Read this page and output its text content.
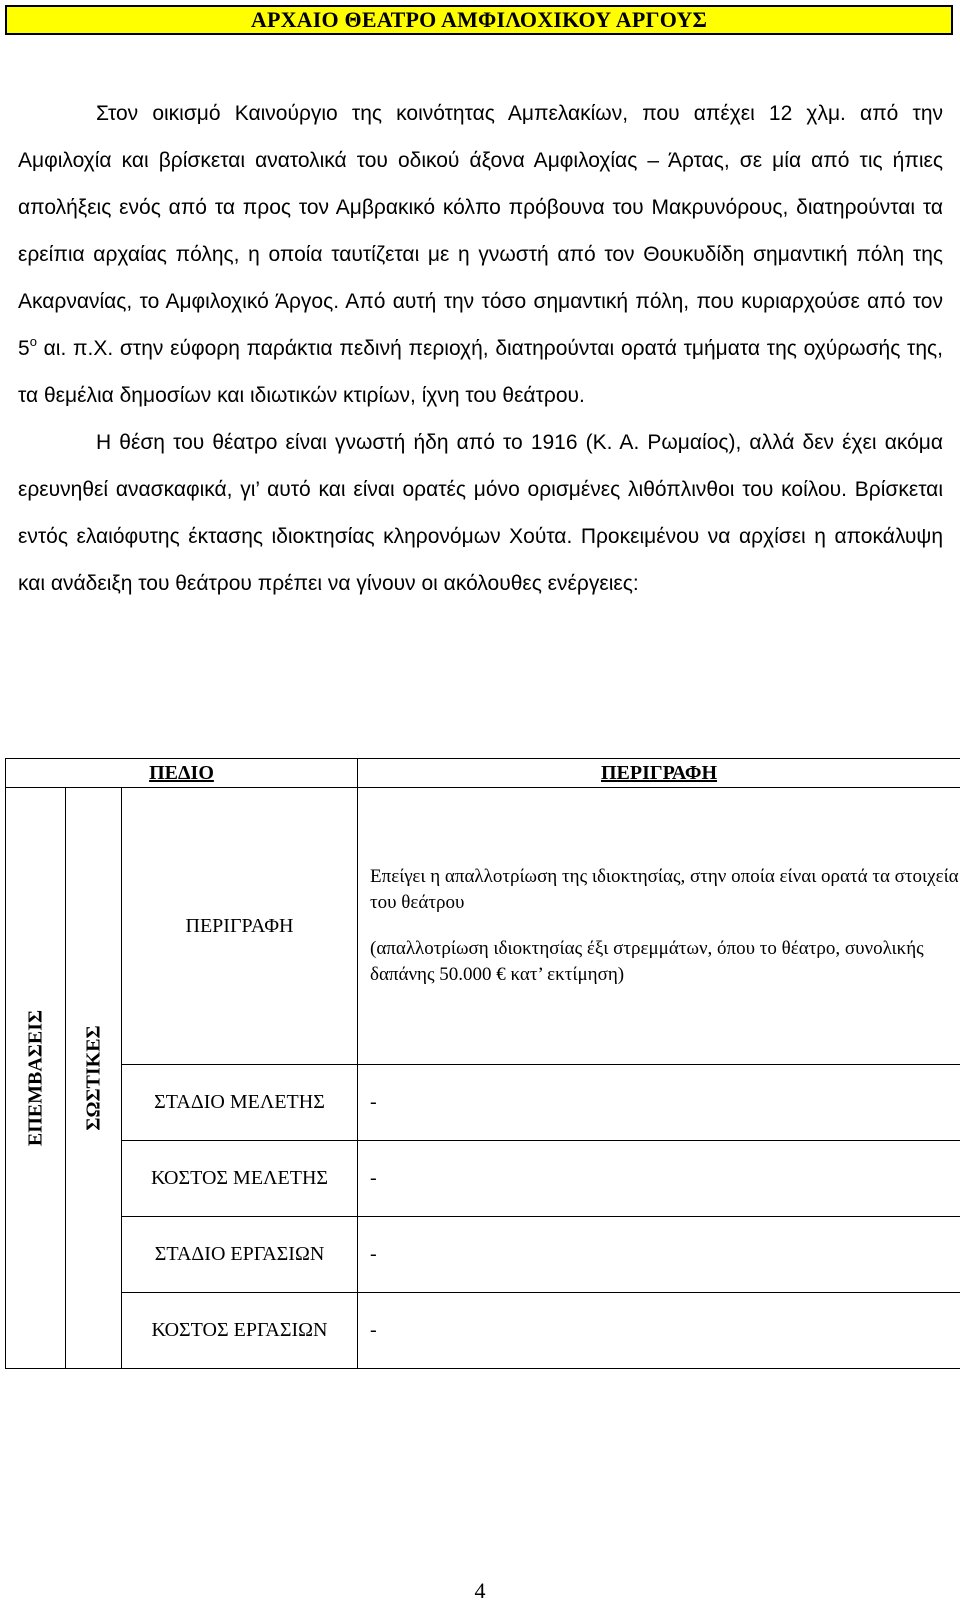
ΑΡΧΑΙΟ ΘΕΑΤΡΟ ΑΜΦΙΛΟΧΙΚΟΥ ΑΡΓΟΥΣ

Στον οικισμό Καινούργιο της κοινότητας Αμπελακίων, που απέχει 12 χλμ. από την Αμφιλοχία και βρίσκεται ανατολικά του οδικού άξονα Αμφιλοχίας – Άρτας, σε μία από τις ήπιες απολήξεις ενός από τα προς τον Αμβρακικό κόλπο πρόβουνα του Μακρυνόρους, διατηρούνται τα ερείπια αρχαίας πόλης, η οποία ταυτίζεται με η γνωστή από τον Θουκυδίδη σημαντική πόλη της Ακαρνανίας, το Αμφιλοχικό Άργος. Από αυτή την τόσο σημαντική πόλη, που κυριαρχούσε από τον $5^o$ αι. π.Χ. στην εύφορη παράκτια πεδινή περιοχή, διατηρούνται ορατά τμήματα της οχύρωσής της, τα θεμέλια δημοσίων και ιδιωτικών κτιρίων, ίχνη του θεάτρου.

Η θέση του θέατρο είναι γνωστή ήδη από το 1916 (Κ. Α. Ρωμαίος), αλλά δεν έχει ακόμα ερευνηθεί ανασκαφικά, γι’ αυτό και είναι ορατές μόνο ορισμένες λιθόπλινθοι του κοίλου. Βρίσκεται εντός ελαιόφυτης έκτασης ιδιοκτησίας κληρονόμων Χούτα. Προκειμένου να αρχίσει η αποκάλυψη και ανάδειξη του θεάτρου πρέπει να γίνουν οι ακόλουθες ενέργειες:

ΠΕΔΙΟ			ΠΕΡΙΓΡΑΦΗ

ΕΠΕΜΒΑΣΕΙΣ	ΣΩΣΤΙΚΕΣ	ΠΕΡΙΓΡΑΦΗ	Επείγει η απαλλοτρίωση της ιδιοκτησίας, στην οποία είναι ορατά τα στοιχεία του θεάτρου

(απαλλοτρίωση ιδιοκτησίας έξι στρεμμάτων, όπου το θέατρο, συνολικής δαπάνης 50.000 € κατ’ εκτίμηση)

		ΣΤΑΔΙΟ ΜΕΛΕΤΗΣ	-
		ΚΟΣΤΟΣ ΜΕΛΕΤΗΣ	-
		ΣΤΑΔΙΟ ΕΡΓΑΣΙΩΝ	-
		ΚΟΣΤΟΣ ΕΡΓΑΣΙΩΝ	-
4
